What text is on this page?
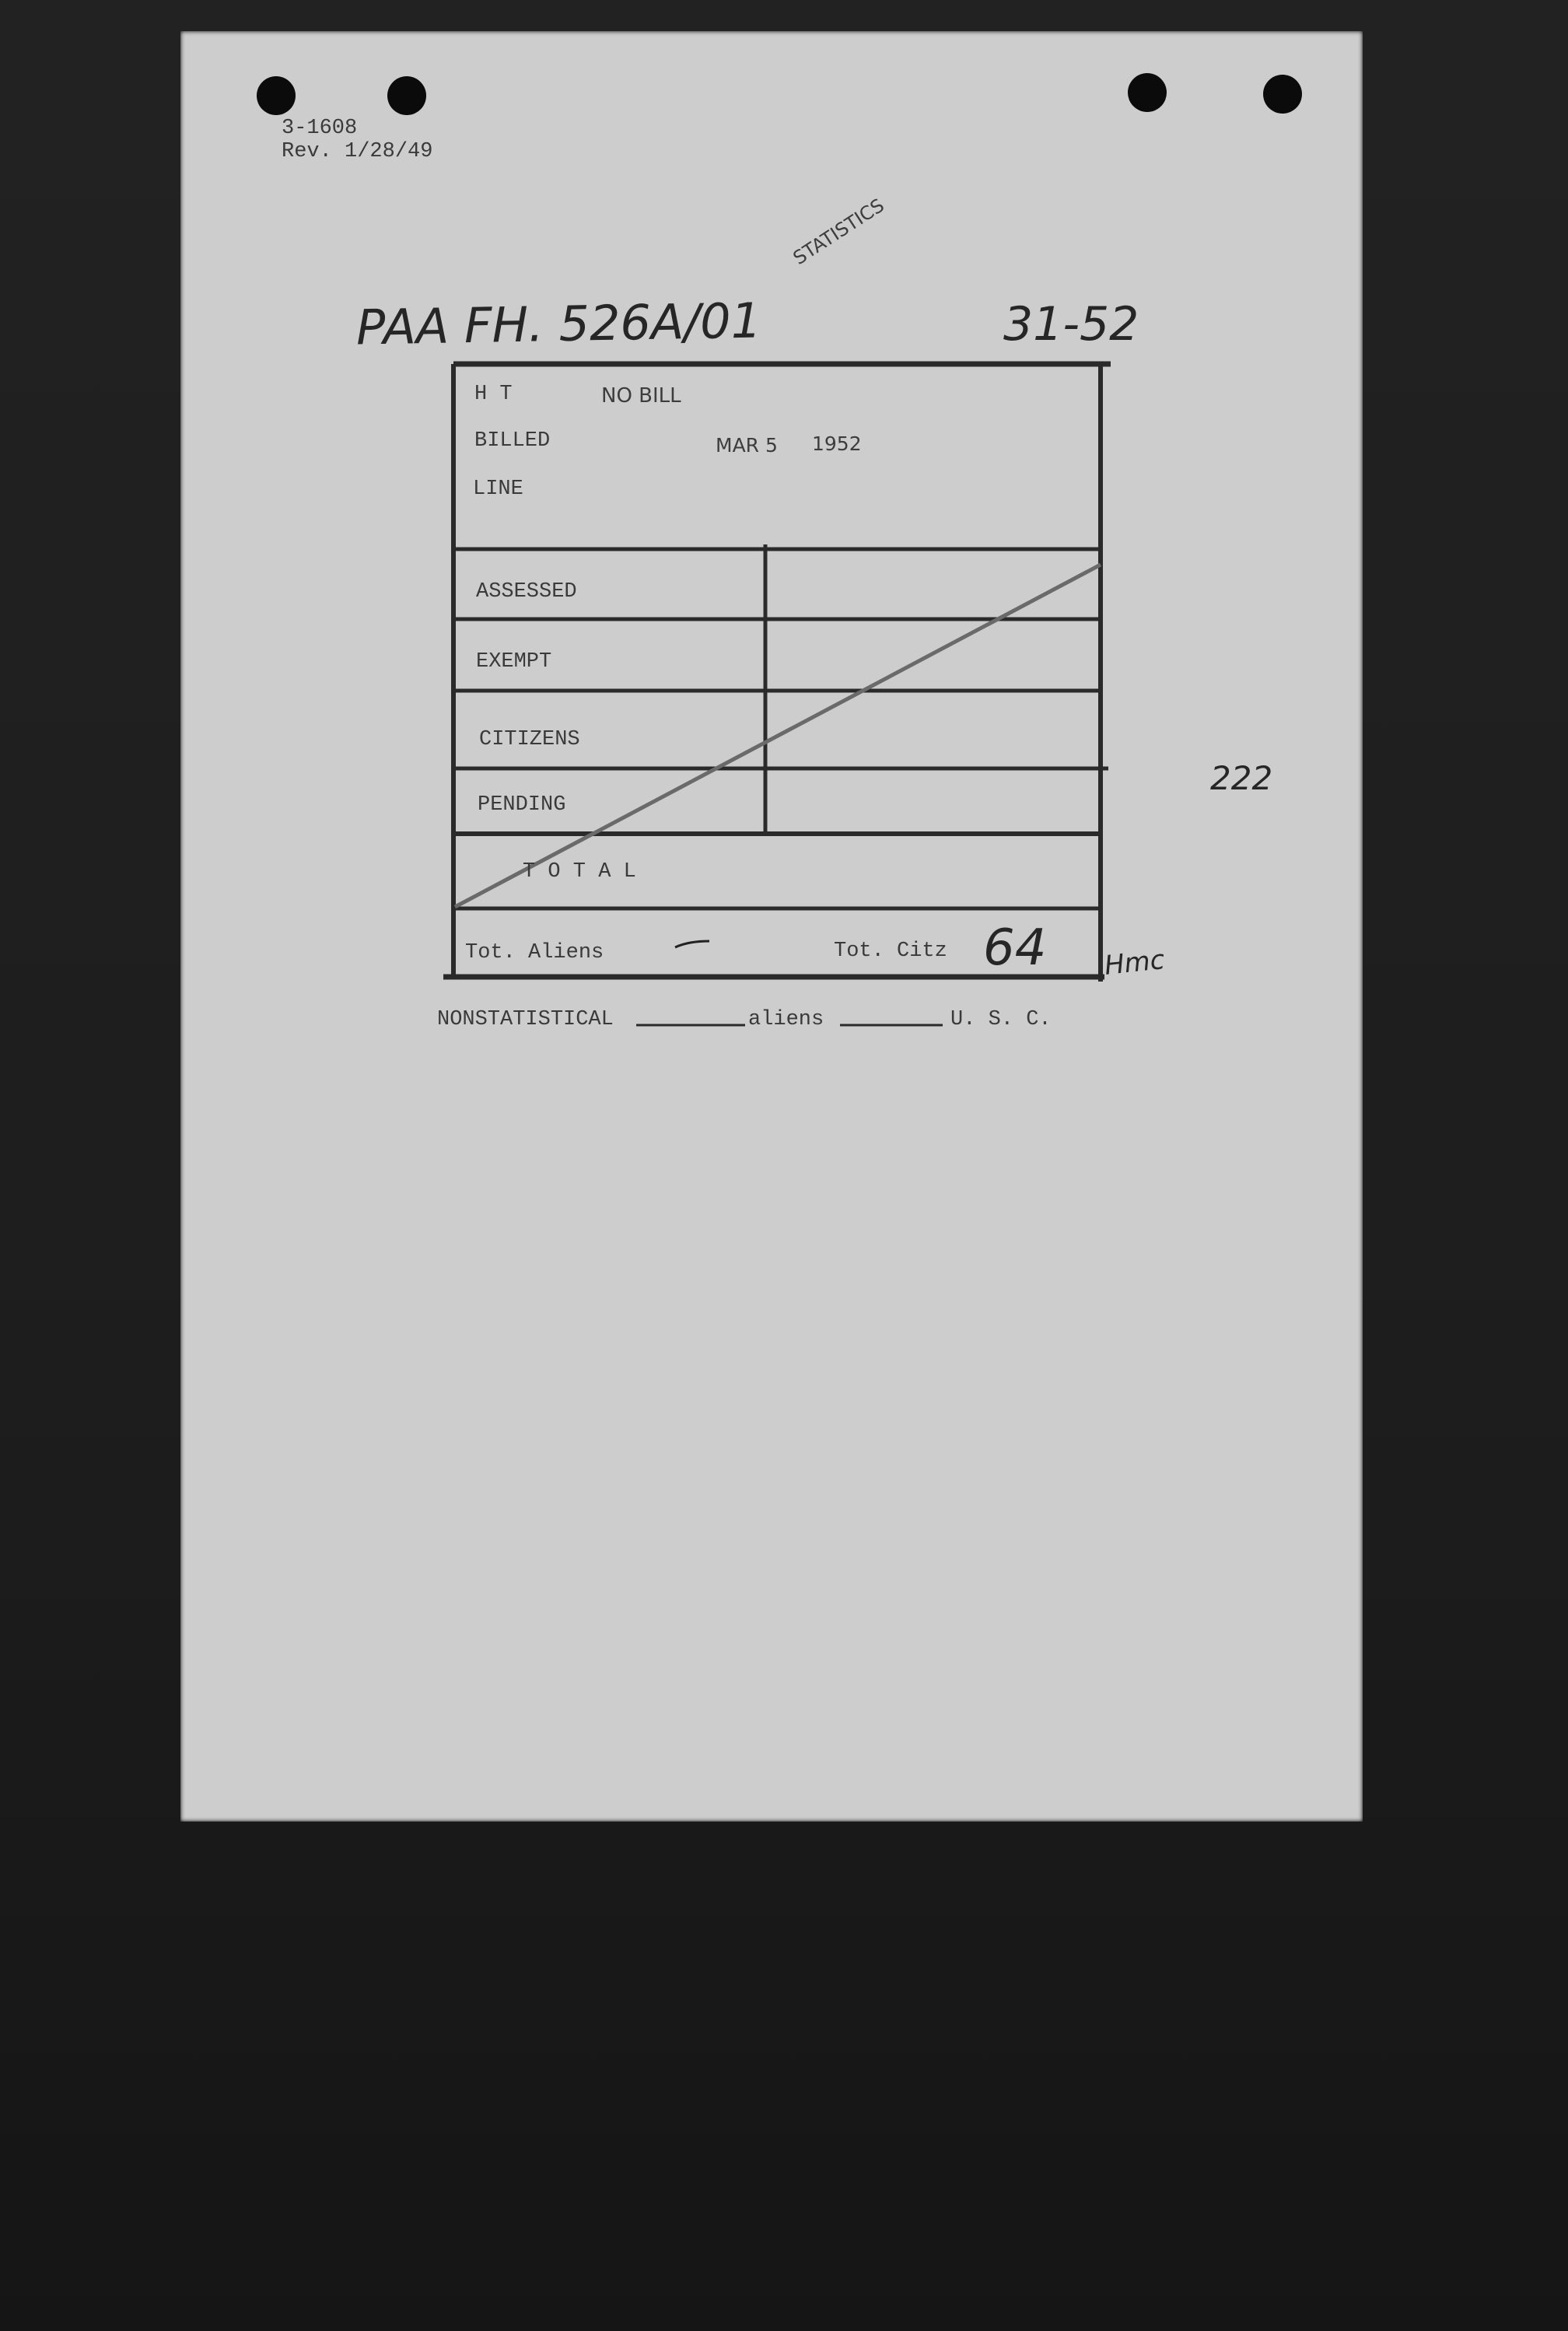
3-1608
Rev. 1/28/49
PAA FH. 526A/01	31-52
STATISTICS
H T	NO BILL
BILLED	MAR 5 1952
LINE
ASSESSED
EXEMPT
CITIZENS
PENDING
T O T A L
Tot. Aliens	Tot. Citz 64
222
Hmc
NONSTATISTICAL	aliens	U. S. C.
